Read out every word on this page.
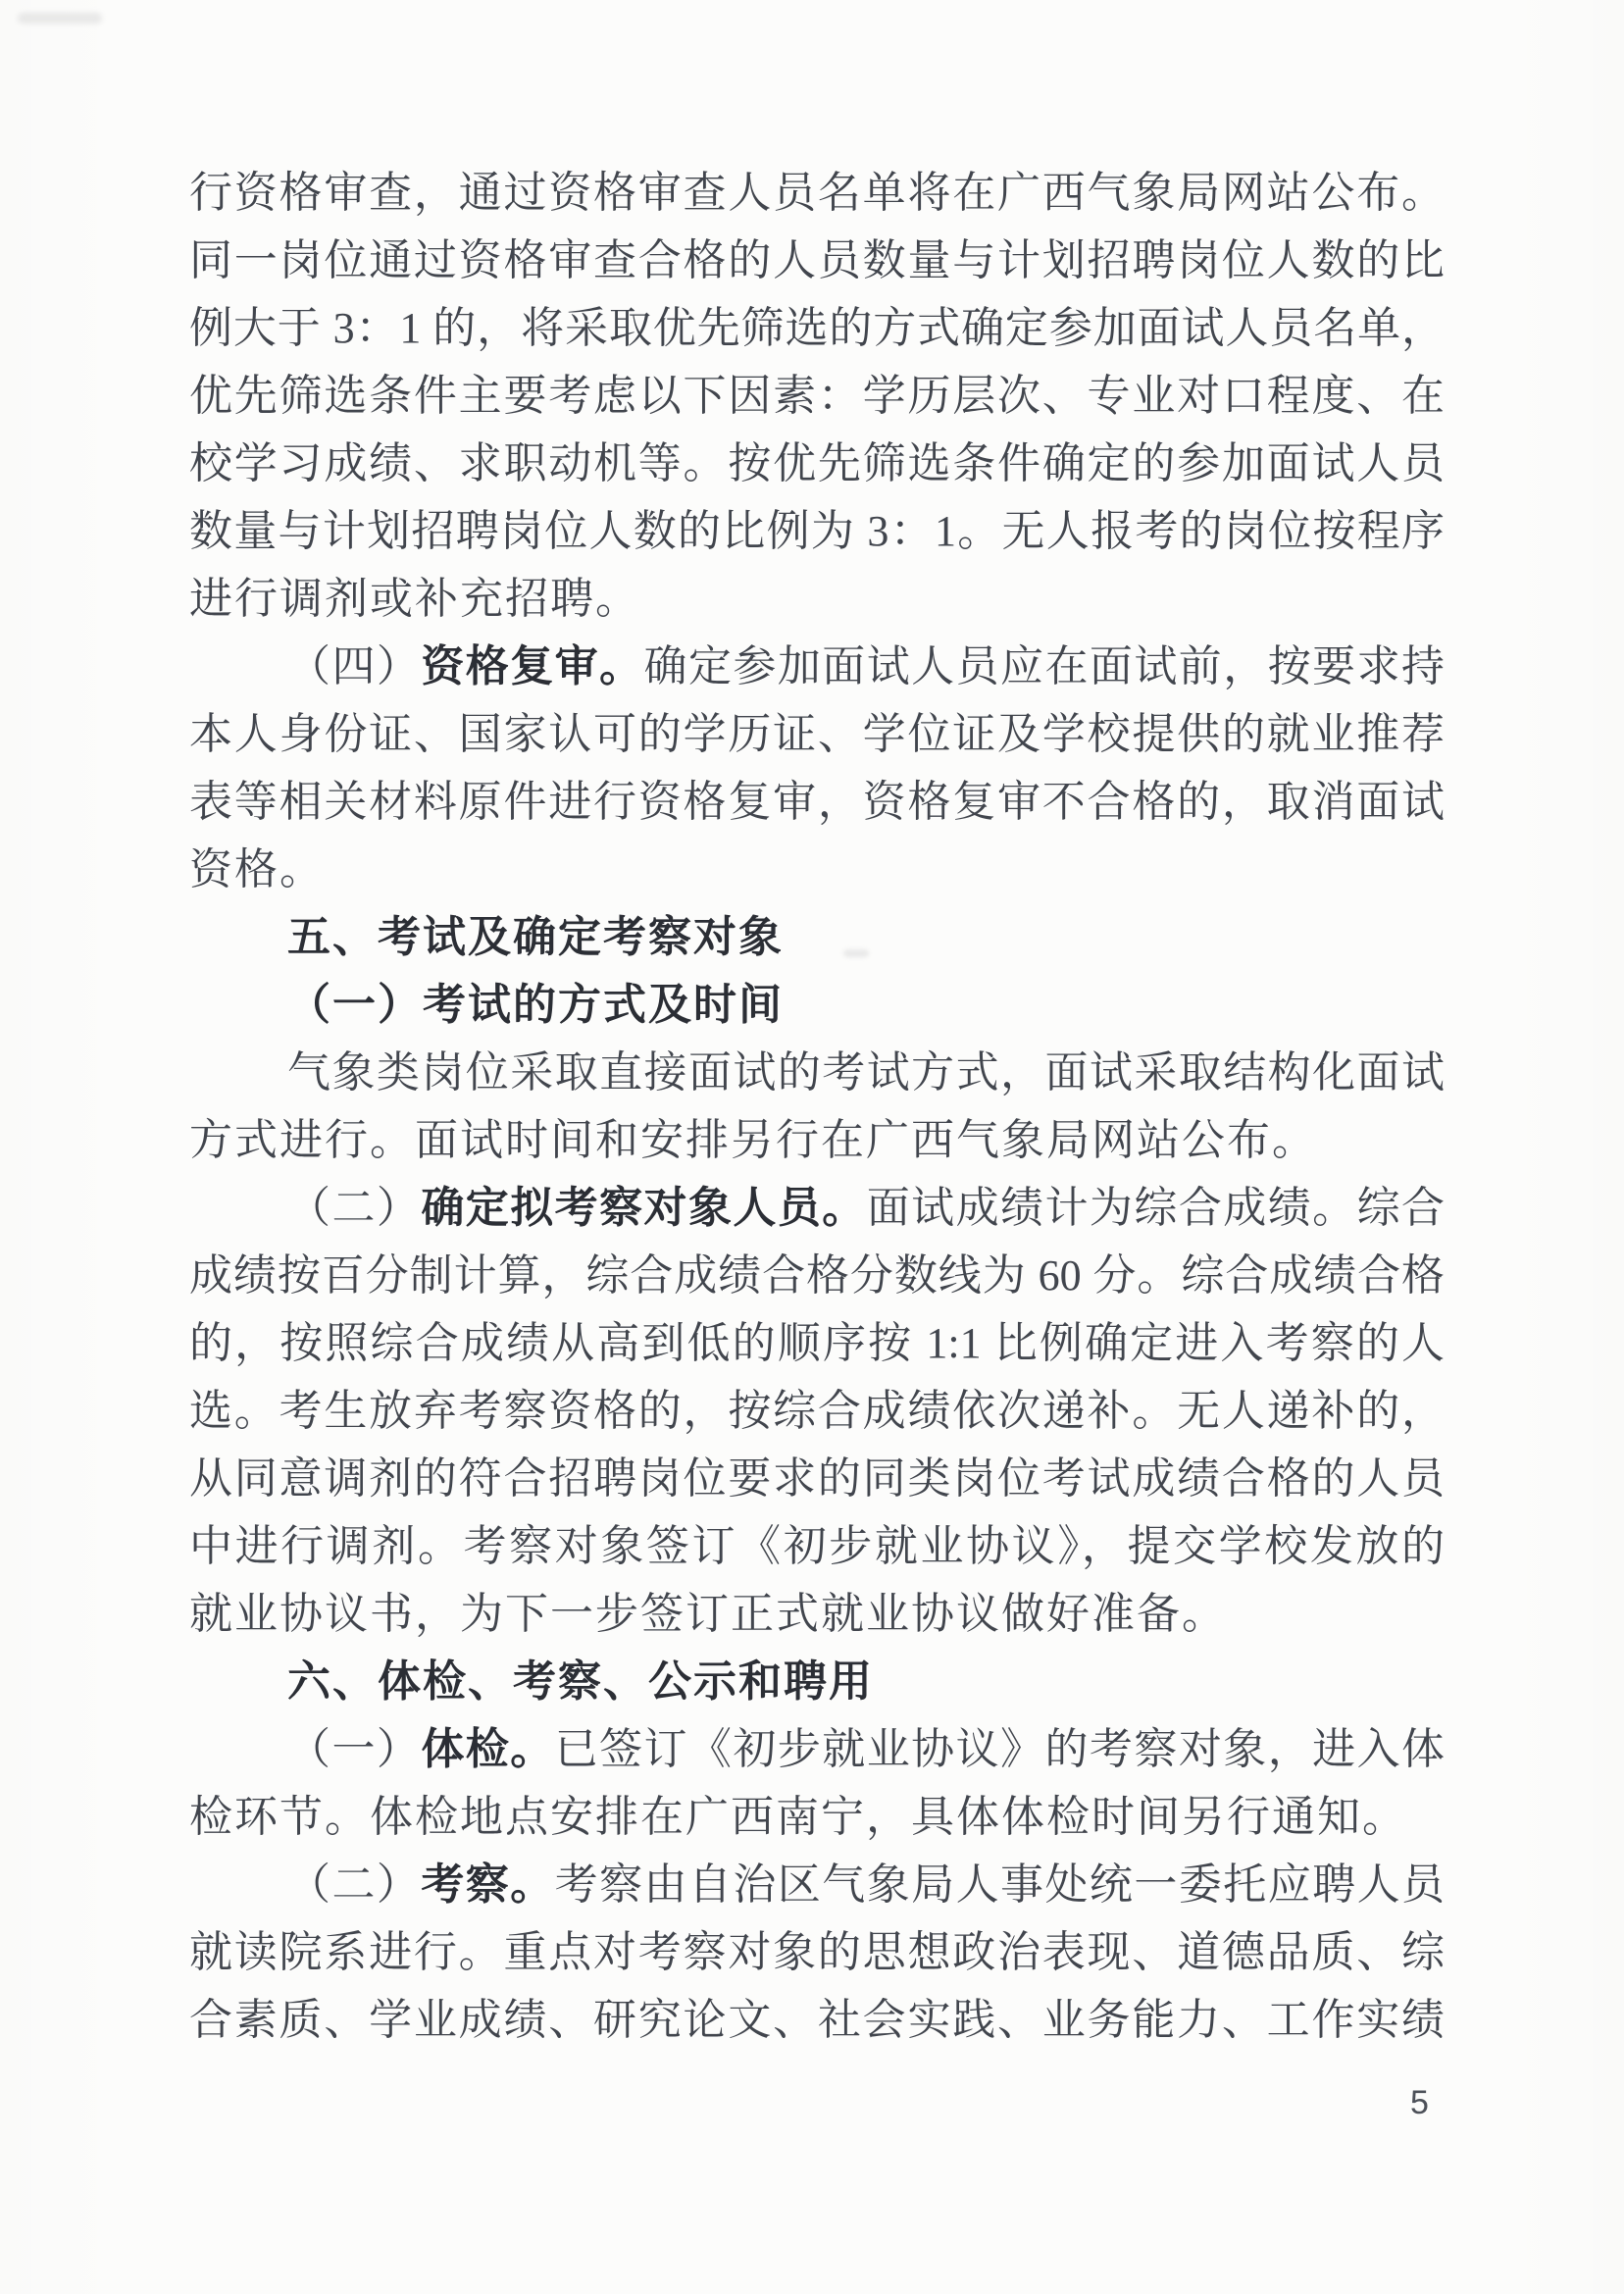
行资格审查，通过资格审查人员名单将在广西气象局网站公布。
同一岗位通过资格审查合格的人员数量与计划招聘岗位人数的比
例大于 3：1 的，将采取优先筛选的方式确定参加面试人员名单，
优先筛选条件主要考虑以下因素：学历层次、专业对口程度、在
校学习成绩、求职动机等。按优先筛选条件确定的参加面试人员
数量与计划招聘岗位人数的比例为 3：1。无人报考的岗位按程序
进行调剂或补充招聘。
（四）资格复审。确定参加面试人员应在面试前，按要求持
本人身份证、国家认可的学历证、学位证及学校提供的就业推荐
表等相关材料原件进行资格复审，资格复审不合格的，取消面试
资格。
五、考试及确定考察对象
（一）考试的方式及时间
气象类岗位采取直接面试的考试方式，面试采取结构化面试
方式进行。面试时间和安排另行在广西气象局网站公布。
（二）确定拟考察对象人员。面试成绩计为综合成绩。综合
成绩按百分制计算，综合成绩合格分数线为 60 分。综合成绩合格
的，按照综合成绩从高到低的顺序按 1:1 比例确定进入考察的人
选。考生放弃考察资格的，按综合成绩依次递补。无人递补的，
从同意调剂的符合招聘岗位要求的同类岗位考试成绩合格的人员
中进行调剂。考察对象签订《初步就业协议》，提交学校发放的
就业协议书，为下一步签订正式就业协议做好准备。
六、体检、考察、公示和聘用
（一）体检。已签订《初步就业协议》的考察对象，进入体
检环节。体检地点安排在广西南宁，具体体检时间另行通知。
（二）考察。考察由自治区气象局人事处统一委托应聘人员
就读院系进行。重点对考察对象的思想政治表现、道德品质、综
合素质、学业成绩、研究论文、社会实践、业务能力、工作实绩
5
